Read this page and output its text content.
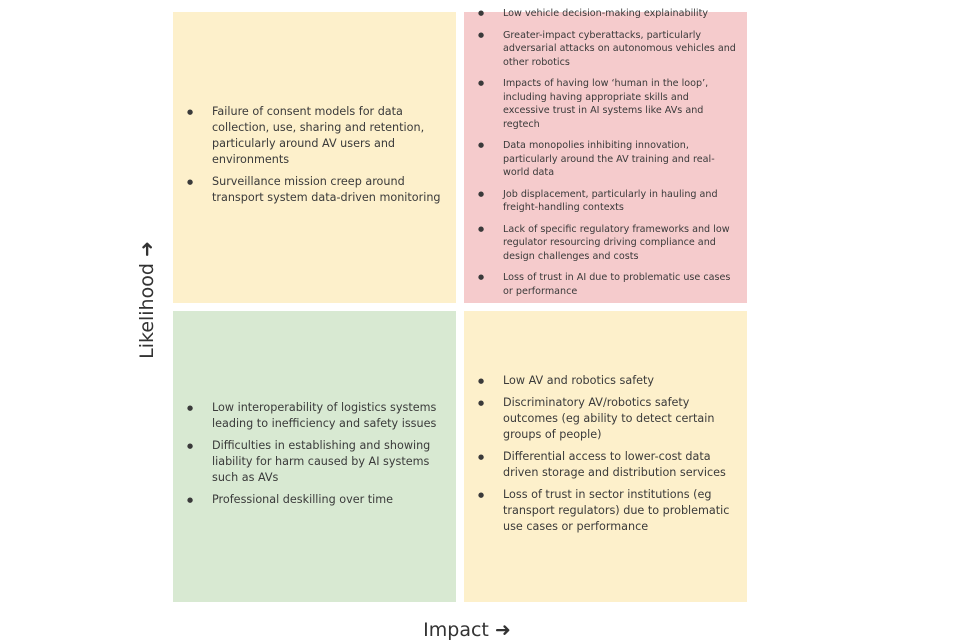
● Failure of consent models for data collection, use, sharing and retention, particularly around AV users and environments
● Surveillance mission creep around transport system data-driven monitoring
● Low vehicle decision-making explainability
● Greater-impact cyberattacks, particularly adversarial attacks on autonomous vehicles and other robotics
● Impacts of having low ‘human in the loop’, including having appropriate skills and excessive trust in AI systems like AVs and regtech
● Data monopolies inhibiting innovation, particularly around the AV training and real-world data
● Job displacement, particularly in hauling and freight-handling contexts
● Lack of specific regulatory frameworks and low regulator resourcing driving compliance and design challenges and costs
● Loss of trust in AI due to problematic use cases or performance
● Low interoperability of logistics systems leading to inefficiency and safety issues
● Difficulties in establishing and showing liability for harm caused by AI systems such as AVs
● Professional deskilling over time
● Low AV and robotics safety
● Discriminatory AV/robotics safety outcomes (eg ability to detect certain groups of people)
● Differential access to lower-cost data driven storage and distribution services
● Loss of trust in sector institutions (eg transport regulators) due to problematic use cases or performance
Likelihood ➜
Impact ➜
